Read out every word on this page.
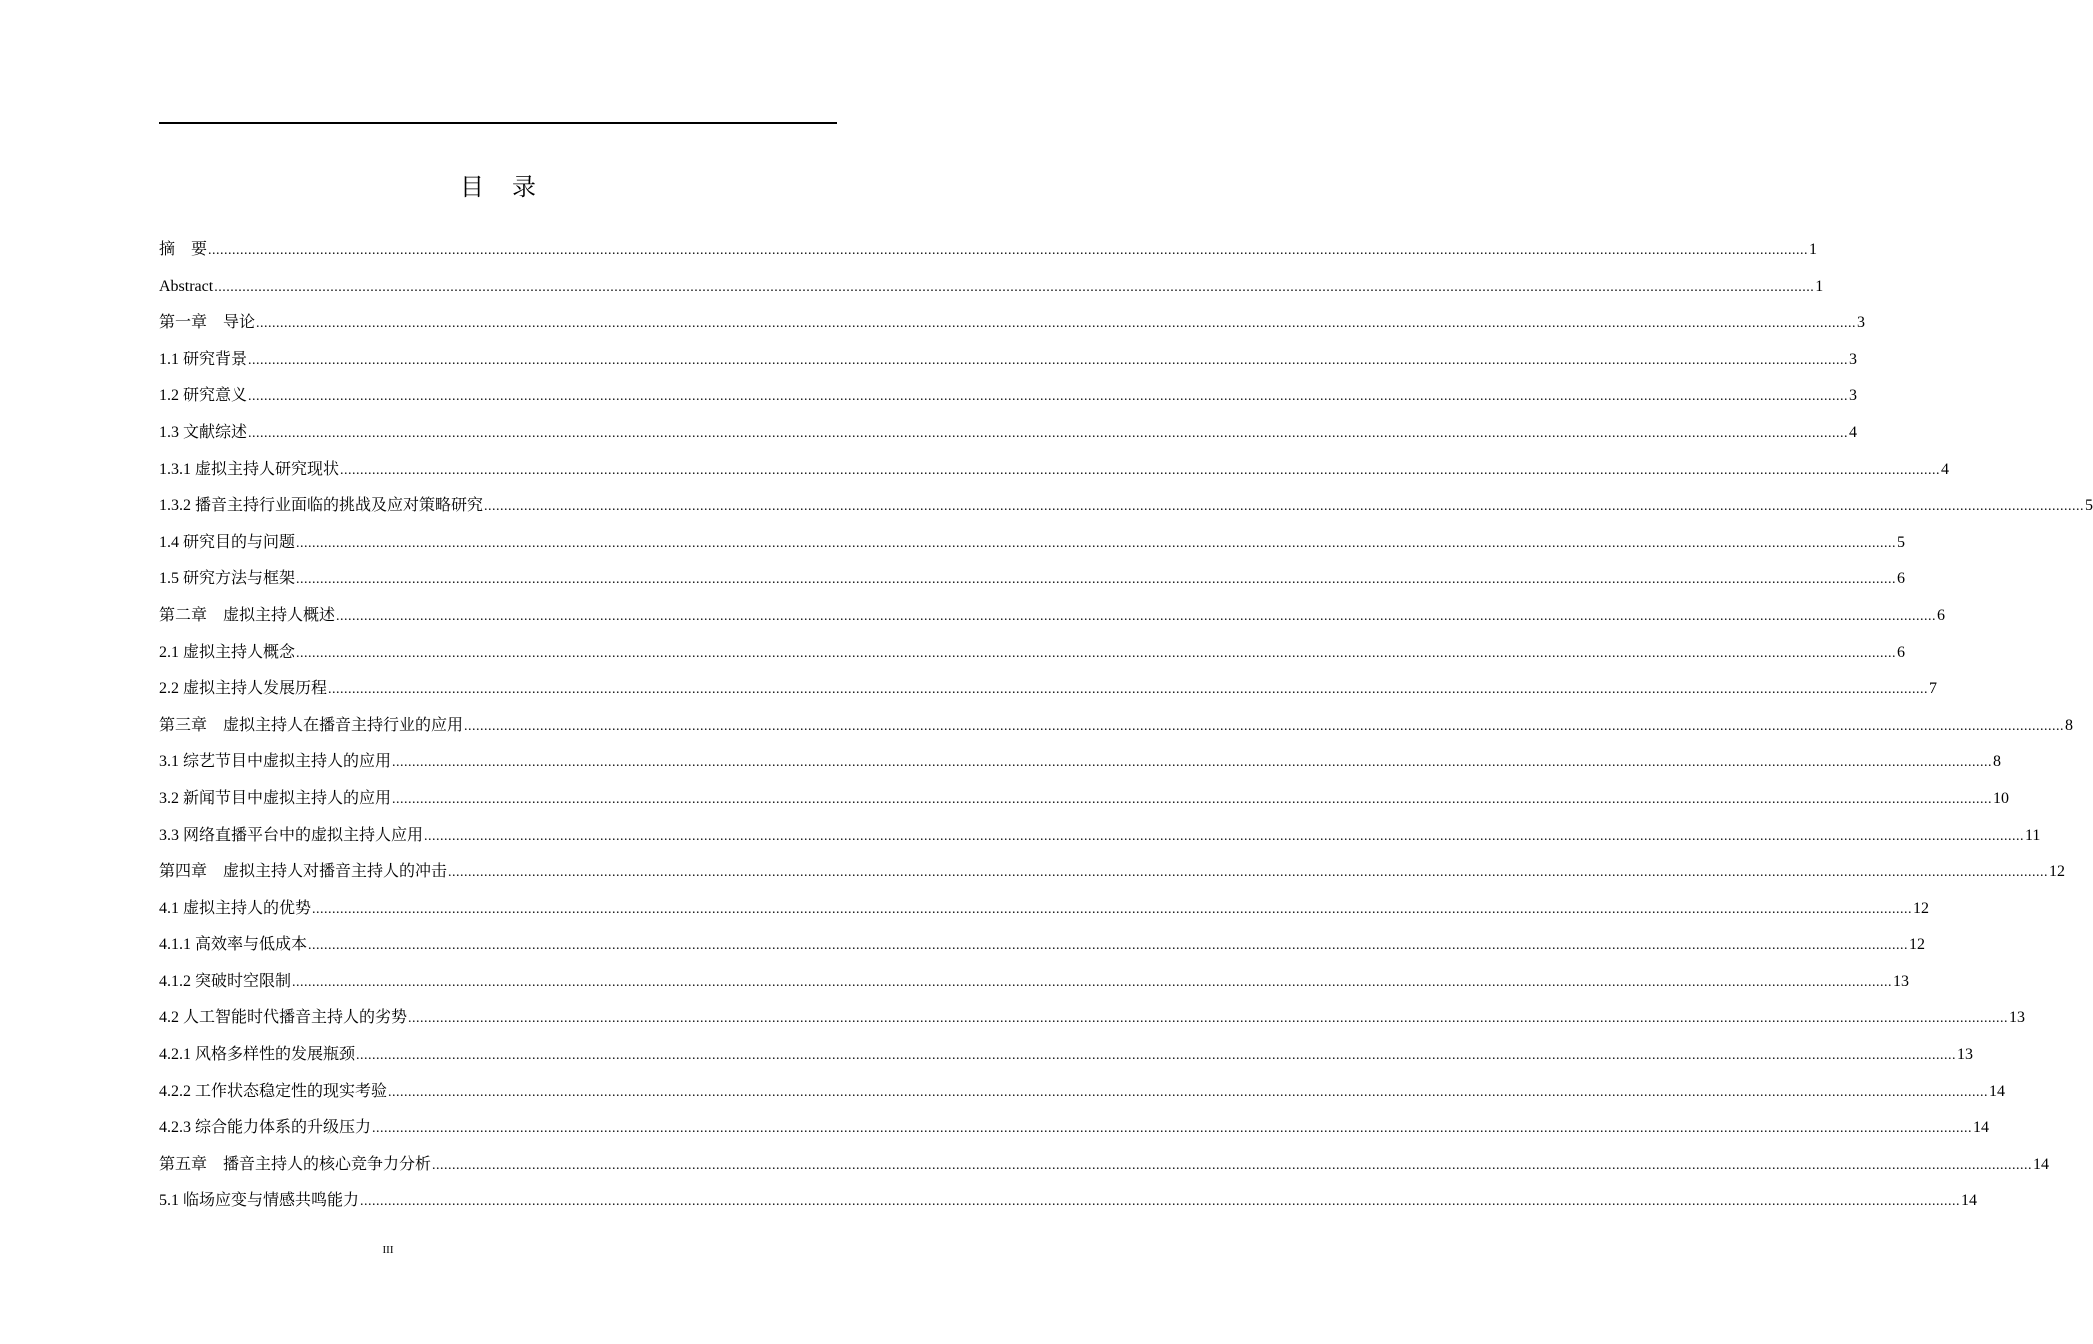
目录
摘　要 ................................................................................................................................................................................................................................................................................................................................................................................................................ 1
Abstract ................................................................................................................................................................................................................................................................................................................................................................................................................ 1
第一章　导论 ................................................................................................................................................................................................................................................................................................................................................................................................................ 3
1.1 研究背景 ................................................................................................................................................................................................................................................................................................................................................................................................................ 3
1.2 研究意义 ................................................................................................................................................................................................................................................................................................................................................................................................................ 3
1.3 文献综述 ................................................................................................................................................................................................................................................................................................................................................................................................................ 4
1.3.1 虚拟主持人研究现状 ................................................................................................................................................................................................................................................................................................................................................................................................................ 4
1.3.2 播音主持行业面临的挑战及应对策略研究 ................................................................................................................................................................................................................................................................................................................................................................................................................ 5
1.4 研究目的与问题 ................................................................................................................................................................................................................................................................................................................................................................................................................ 5
1.5 研究方法与框架 ................................................................................................................................................................................................................................................................................................................................................................................................................ 6
第二章　虚拟主持人概述 ................................................................................................................................................................................................................................................................................................................................................................................................................ 6
2.1 虚拟主持人概念 ................................................................................................................................................................................................................................................................................................................................................................................................................ 6
2.2 虚拟主持人发展历程 ................................................................................................................................................................................................................................................................................................................................................................................................................ 7
第三章　虚拟主持人在播音主持行业的应用 ................................................................................................................................................................................................................................................................................................................................................................................................................ 8
3.1 综艺节目中虚拟主持人的应用 ................................................................................................................................................................................................................................................................................................................................................................................................................ 8
3.2 新闻节目中虚拟主持人的应用 ................................................................................................................................................................................................................................................................................................................................................................................................................ 10
3.3 网络直播平台中的虚拟主持人应用 ................................................................................................................................................................................................................................................................................................................................................................................................................ 11
第四章　虚拟主持人对播音主持人的冲击 ................................................................................................................................................................................................................................................................................................................................................................................................................ 12
4.1 虚拟主持人的优势 ................................................................................................................................................................................................................................................................................................................................................................................................................ 12
4.1.1 高效率与低成本 ................................................................................................................................................................................................................................................................................................................................................................................................................ 12
4.1.2 突破时空限制 ................................................................................................................................................................................................................................................................................................................................................................................................................ 13
4.2 人工智能时代播音主持人的劣势 ................................................................................................................................................................................................................................................................................................................................................................................................................ 13
4.2.1 风格多样性的发展瓶颈 ................................................................................................................................................................................................................................................................................................................................................................................................................ 13
4.2.2 工作状态稳定性的现实考验 ................................................................................................................................................................................................................................................................................................................................................................................................................ 14
4.2.3 综合能力体系的升级压力 ................................................................................................................................................................................................................................................................................................................................................................................................................ 14
第五章　播音主持人的核心竞争力分析 ................................................................................................................................................................................................................................................................................................................................................................................................................ 14
5.1 临场应变与情感共鸣能力 ................................................................................................................................................................................................................................................................................................................................................................................................................ 14
III
